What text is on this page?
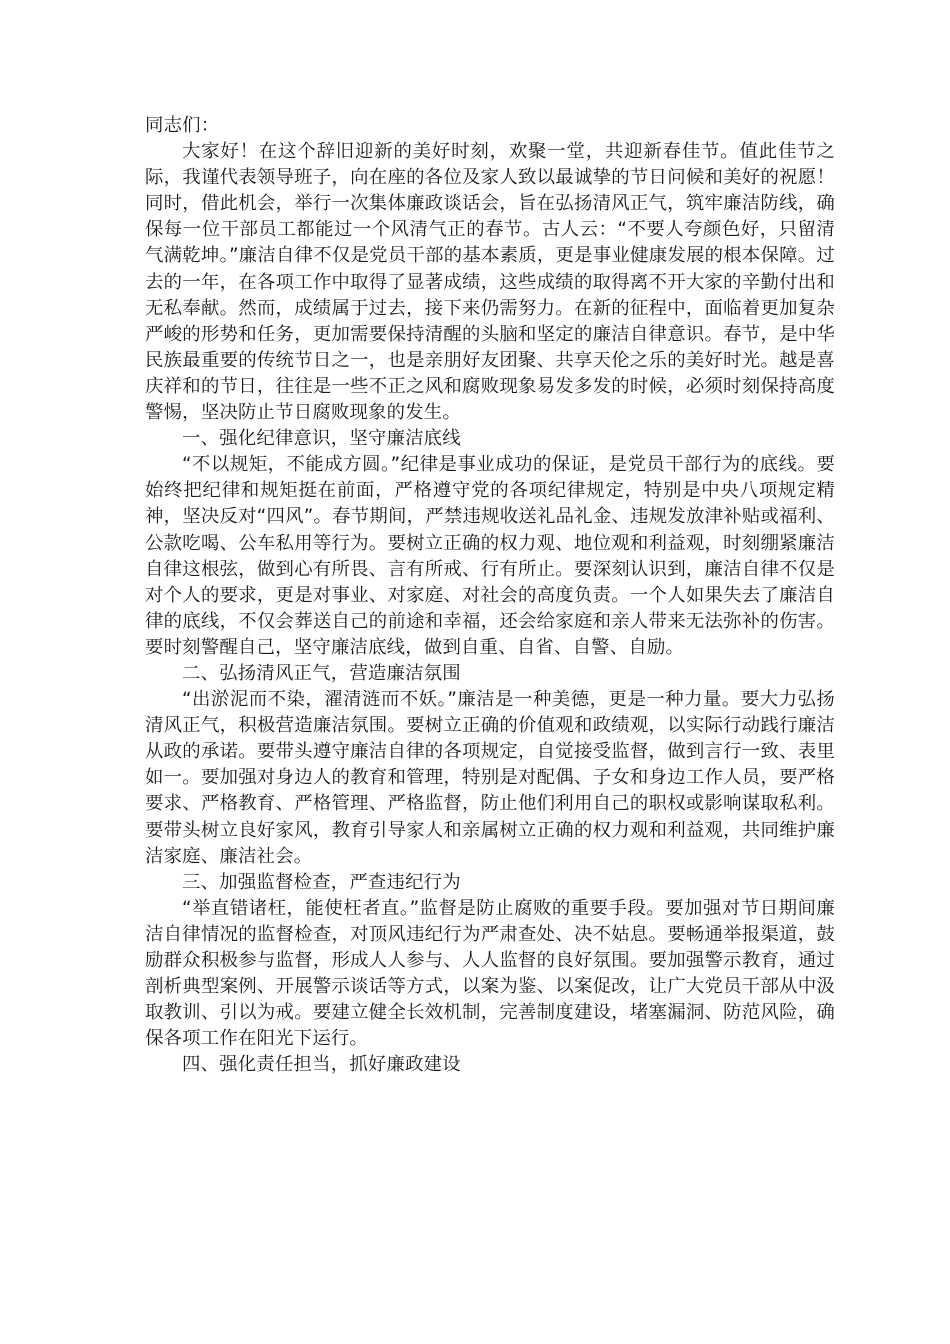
同志们：

大家好！在这个辞旧迎新的美好时刻，欢聚一堂，共迎新春佳节。值此佳节之际，我谨代表领导班子，向在座的各位及家人致以最诚挚的节日问候和美好的祝愿！同时，借此机会，举行一次集体廉政谈话会，旨在弘扬清风正气，筑牢廉洁防线，确保每一位干部员工都能过一个风清气正的春节。古人云：“不要人夸颜色好，只留清气满乾坤。”廉洁自律不仅是党员干部的基本素质，更是事业健康发展的根本保障。过去的一年，在各项工作中取得了显著成绩，这些成绩的取得离不开大家的辛勤付出和无私奉献。然而，成绩属于过去，接下来仍需努力。在新的征程中，面临着更加复杂严峻的形势和任务，更加需要保持清醒的头脑和坚定的廉洁自律意识。春节，是中华民族最重要的传统节日之一，也是亲朋好友团聚、共享天伦之乐的美好时光。越是喜庆祥和的节日，往往是一些不正之风和腐败现象易发多发的时候，必须时刻保持高度警惕，坚决防止节日腐败现象的发生。

一、强化纪律意识，坚守廉洁底线

“不以规矩，不能成方圆。”纪律是事业成功的保证，是党员干部行为的底线。要始终把纪律和规矩挺在前面，严格遵守党的各项纪律规定，特别是中央八项规定精神，坚决反对“四风”。春节期间，严禁违规收送礼品礼金、违规发放津补贴或福利、公款吃喝、公车私用等行为。要树立正确的权力观、地位观和利益观，时刻绷紧廉洁自律这根弦，做到心有所畏、言有所戒、行有所止。要深刻认识到，廉洁自律不仅是对个人的要求，更是对事业、对家庭、对社会的高度负责。一个人如果失去了廉洁自律的底线，不仅会葬送自己的前途和幸福，还会给家庭和亲人带来无法弥补的伤害。要时刻警醒自己，坚守廉洁底线，做到自重、自省、自警、自励。

二、弘扬清风正气，营造廉洁氛围

“出淤泥而不染，濯清涟而不妖。”廉洁是一种美德，更是一种力量。要大力弘扬清风正气，积极营造廉洁氛围。要树立正确的价值观和政绩观，以实际行动践行廉洁从政的承诺。要带头遵守廉洁自律的各项规定，自觉接受监督，做到言行一致、表里如一。要加强对身边人的教育和管理，特别是对配偶、子女和身边工作人员，要严格要求、严格教育、严格管理、严格监督，防止他们利用自己的职权或影响谋取私利。要带头树立良好家风，教育引导家人和亲属树立正确的权力观和利益观，共同维护廉洁家庭、廉洁社会。

三、加强监督检查，严查违纪行为

“举直错诸枉，能使枉者直。”监督是防止腐败的重要手段。要加强对节日期间廉洁自律情况的监督检查，对顶风违纪行为严肃查处、决不姑息。要畅通举报渠道，鼓励群众积极参与监督，形成人人参与、人人监督的良好氛围。要加强警示教育，通过剖析典型案例、开展警示谈话等方式，以案为鉴、以案促改，让广大党员干部从中汲取教训、引以为戒。要建立健全长效机制，完善制度建设，堵塞漏洞、防范风险，确保各项工作在阳光下运行。

四、强化责任担当，抓好廉政建设
